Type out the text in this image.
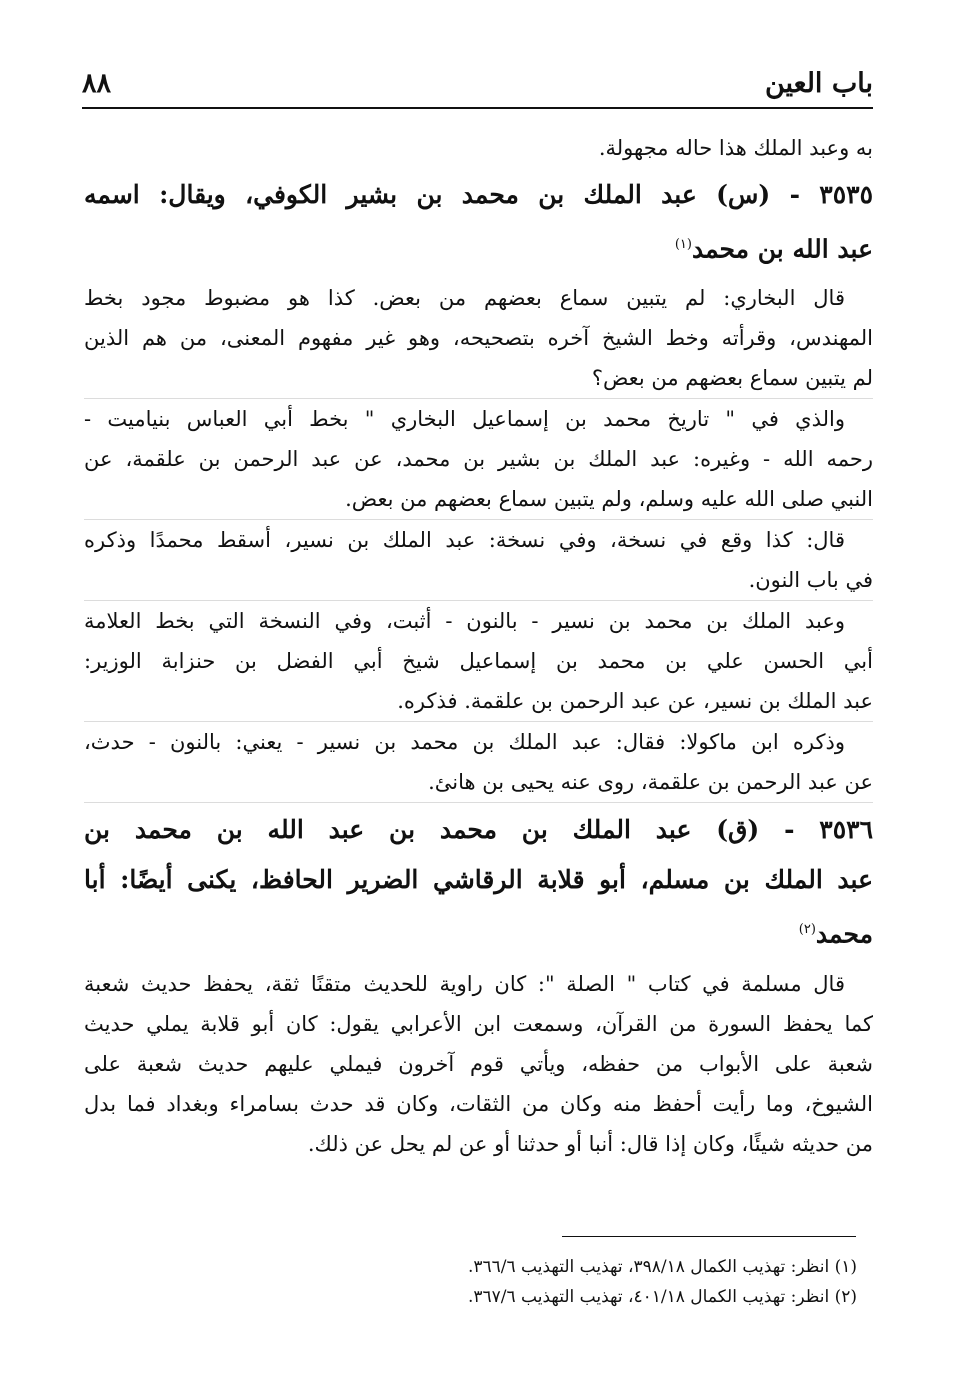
باب العين
٨٨

به وعبد الملك هذا حاله مجهولة.

٣٥٣٥ - (س) عبد الملك بن محمد بن بشير الكوفي، ويقال: اسمه
عبد الله بن محمد$^{(١)}$

قال البخاري: لم يتبين سماع بعضهم من بعض. كذا هو مضبوط مجود بخط
المهندس، وقرأته وخط الشيخ آخره بتصحيحه، وهو غير مفهوم المعنى، من هم الذين
لم يتبين سماع بعضهم من بعض؟

والذي في " تاريخ محمد بن إسماعيل البخاري " بخط أبي العباس بنياميت -
رحمه الله - وغيره: عبد الملك بن بشير بن محمد، عن عبد الرحمن بن علقمة، عن
النبي صلى الله عليه وسلم، ولم يتبين سماع بعضهم من بعض.

قال: كذا وقع في نسخة، وفي نسخة: عبد الملك بن نسير، أسقط محمدًا وذكره
في باب النون.

وعبد الملك بن محمد بن نسير - بالنون - أثبت، وفي النسخة التي بخط العلامة
أبي الحسن علي بن محمد بن إسماعيل شيخ أبي الفضل بن حنزابة الوزير:
عبد الملك بن نسير، عن عبد الرحمن بن علقمة. فذكره.

وذكره ابن ماكولا: فقال: عبد الملك بن محمد بن نسير - يعني: بالنون - حدث،
عن عبد الرحمن بن علقمة، روى عنه يحيى بن هانئ.

٣٥٣٦ - (ق) عبد الملك بن محمد بن عبد الله بن محمد بن
عبد الملك بن مسلم، أبو قلابة الرقاشي الضرير الحافظ، يكنى أيضًا: أبا
محمد$^{(٢)}$

قال مسلمة في كتاب " الصلة ": كان راوية للحديث متقنًا ثقة، يحفظ حديث شعبة
كما يحفظ السورة من القرآن، وسمعت ابن الأعرابي يقول: كان أبو قلابة يملي حديث
شعبة على الأبواب من حفظه، ويأتي قوم آخرون فيملي عليهم حديث شعبة على
الشيوخ، وما رأيت أحفظ منه وكان من الثقات، وكان قد حدث بسامراء وبغداد فما بدل
من حديثه شيئًا، وكان إذا قال: أنبا أو حدثنا أو عن لم يحل عن ذلك.

(١) انظر: تهذيب الكمال ٣٩٨/١٨، تهذيب التهذيب ٣٦٦/٦.
(٢) انظر: تهذيب الكمال ٤٠١/١٨، تهذيب التهذيب ٣٦٧/٦.
